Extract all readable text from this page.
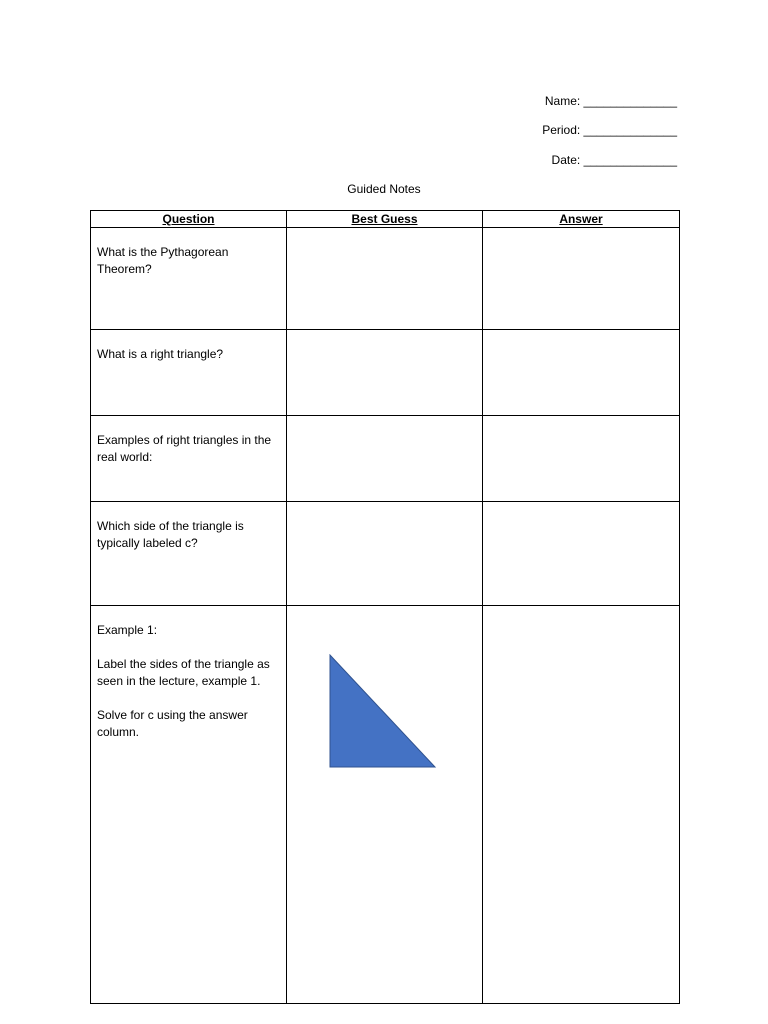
Name: ______________
Period: ______________
Date: ______________
Guided Notes
Question	Best Guess	Answer
What is the Pythagorean Theorem?		
What is a right triangle?		
Examples of right triangles in the real world:		
Which side of the triangle is typically labeled c?		

Example 1:

Label the sides of the triangle as seen in the lecture, example 1.

Solve for c using the answer column.
